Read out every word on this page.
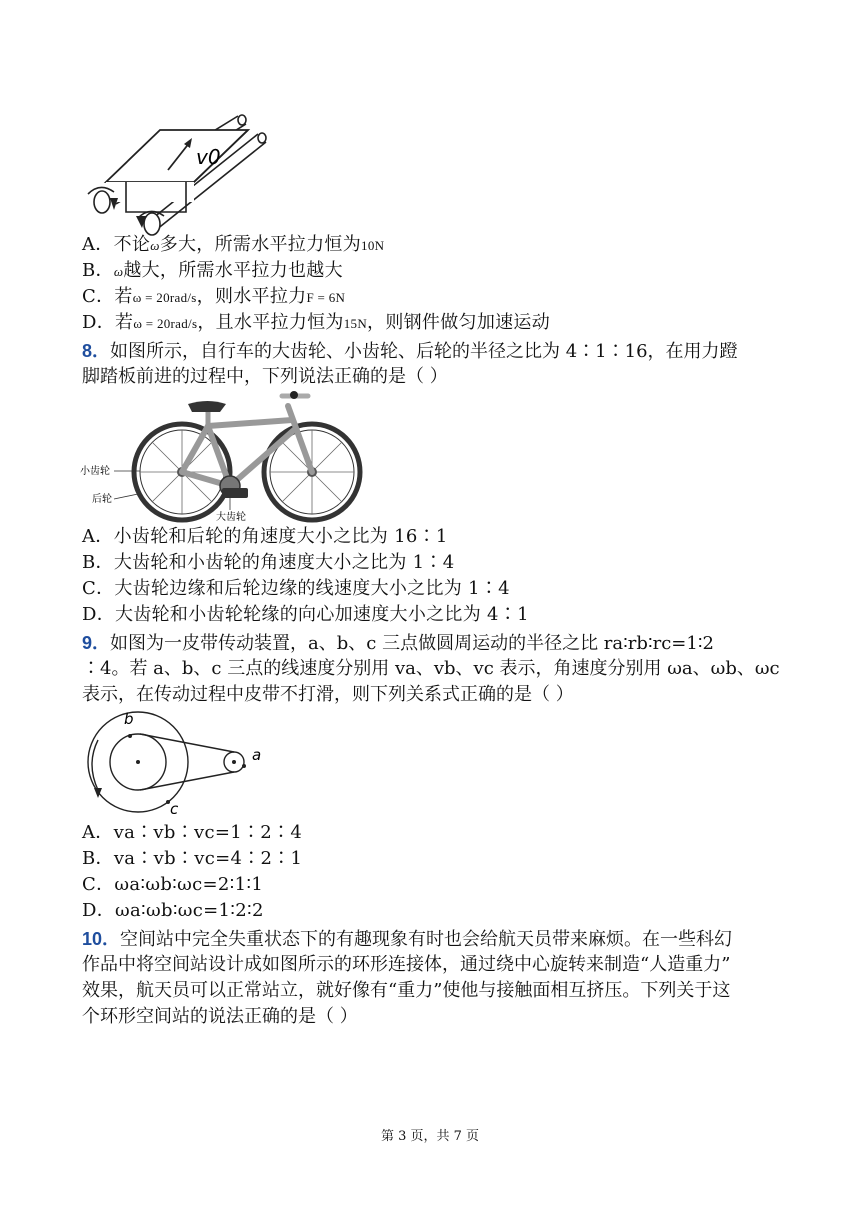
v0
A．不论ω多大，所需水平拉力恒为10N
B．ω越大，所需水平拉力也越大
C．若ω = 20rad/s，则水平拉力F = 6N
D．若ω = 20rad/s，且水平拉力恒为15N，则钢件做匀加速运动
8．如图所示，自行车的大齿轮、小齿轮、后轮的半径之比为 4∶1∶16，在用力蹬
脚踏板前进的过程中，下列说法正确的是（ ）
小齿轮
后轮
大齿轮
A．小齿轮和后轮的角速度大小之比为 16∶1
B．大齿轮和小齿轮的角速度大小之比为 1∶4
C．大齿轮边缘和后轮边缘的线速度大小之比为 1∶4
D．大齿轮和小齿轮轮缘的向心加速度大小之比为 4∶1
9．如图为一皮带传动装置，a、b、c 三点做圆周运动的半径之比 ra∶rb∶rc=1∶2
∶4。若 a、b、c 三点的线速度分别用 va、vb、vc 表示，角速度分别用 ωa、ωb、ωc
表示，在传动过程中皮带不打滑，则下列关系式正确的是（ ）
b
a
c
A．va∶vb∶vc=1∶2∶4
B．va∶vb∶vc=4∶2∶1
C．ωa∶ωb∶ωc=2∶1∶1
D．ωa∶ωb∶ωc=1∶2∶2
10．空间站中完全失重状态下的有趣现象有时也会给航天员带来麻烦。在一些科幻
作品中将空间站设计成如图所示的环形连接体，通过绕中心旋转来制造“人造重力”
效果，航天员可以正常站立，就好像有“重力”使他与接触面相互挤压。下列关于这
个环形空间站的说法正确的是（ ）
第 3 页，共 7 页
